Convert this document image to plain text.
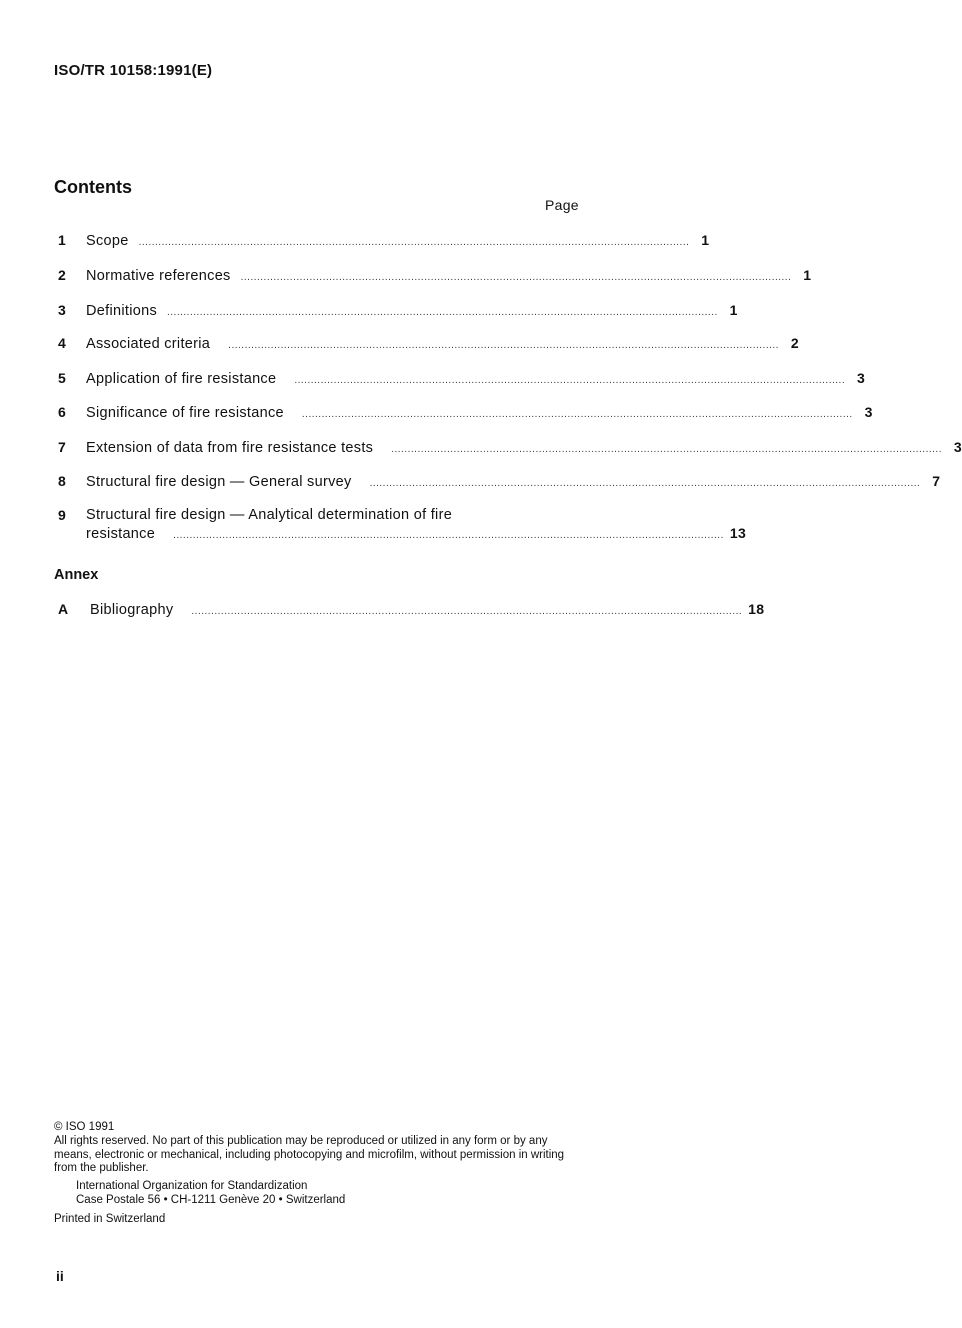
ISO/TR 10158:1991(E)
Contents
Page
1 Scope ........................................................................................................................................................................ 1
2 Normative references ........................................................................................................................................................................ 1
3 Definitions ........................................................................................................................................................................ 1
4 Associated criteria ........................................................................................................................................................................ 2
5 Application of fire resistance ........................................................................................................................................................................ 3
6 Significance of fire resistance ........................................................................................................................................................................ 3
7 Extension of data from fire resistance tests ........................................................................................................................................................................ 3
8 Structural fire design — General survey ........................................................................................................................................................................ 7
9 Structural fire design — Analytical determination of fire
resistance ........................................................................................................................................................................ 13
Annex
A Bibliography ........................................................................................................................................................................ 18
© ISO 1991
All rights reserved. No part of this publication may be reproduced or utilized in any form or by any means, electronic or mechanical, including photocopying and microfilm, without permission in writing from the publisher.
International Organization for Standardization
Case Postale 56 • CH-1211 Genève 20 • Switzerland
Printed in Switzerland
ii
